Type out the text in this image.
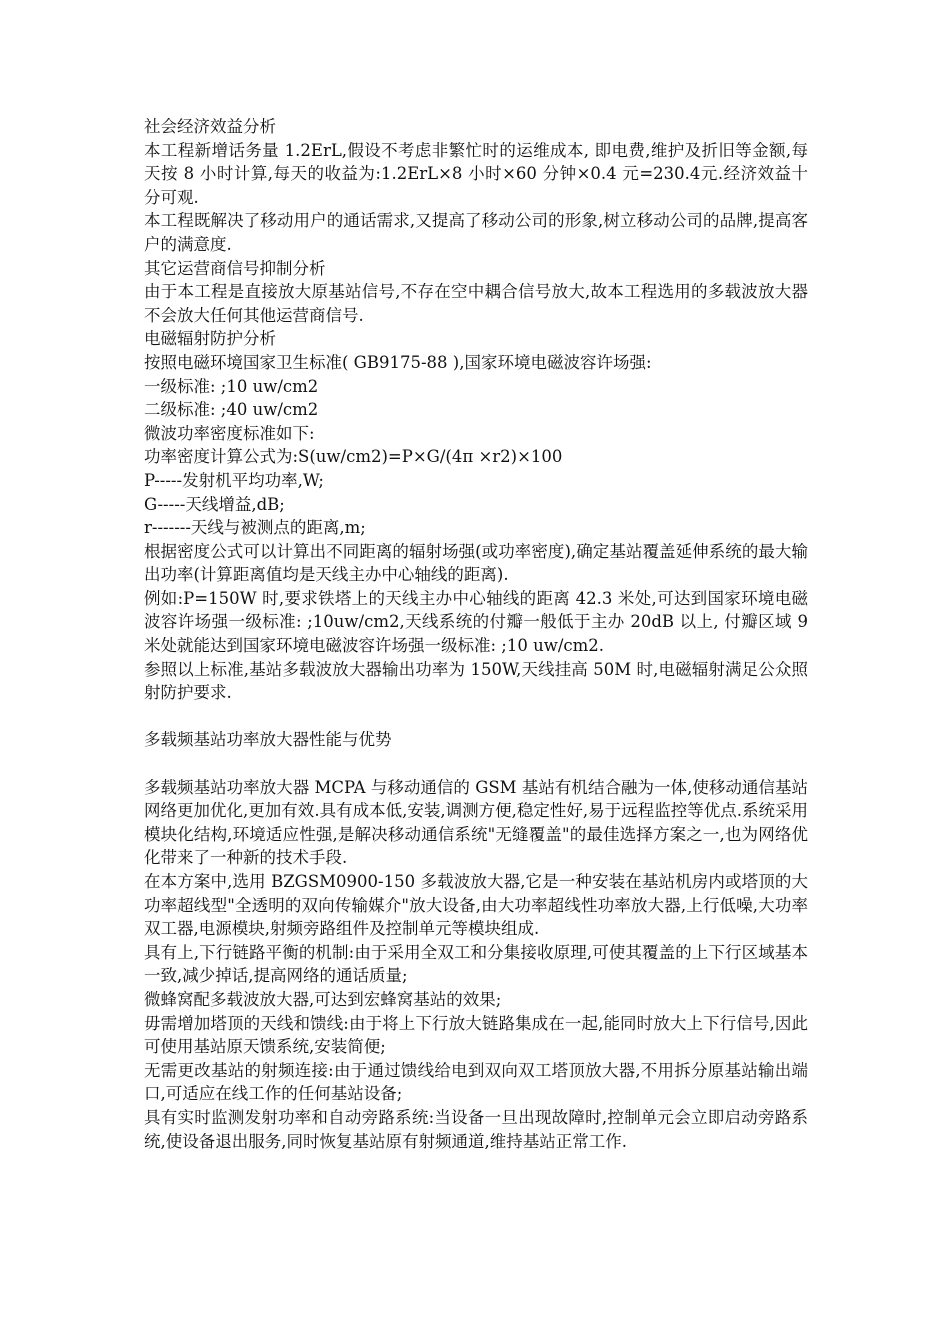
社会经济效益分析

本工程新增话务量 1.2ErL,假设不考虑非繁忙时的运维成本, 即电费,维护及折旧等金额,每天按 8 小时计算,每天的收益为:1.2ErL×8 小时×60 分钟×0.4 元=230.4元.经济效益十分可观.

本工程既解决了移动用户的通话需求,又提高了移动公司的形象,树立移动公司的品牌,提高客户的满意度.

其它运营商信号抑制分析

由于本工程是直接放大原基站信号,不存在空中耦合信号放大,故本工程选用的多载波放大器不会放大任何其他运营商信号.

电磁辐射防护分析

按照电磁环境国家卫生标准( GB9175-88 ),国家环境电磁波容许场强:

一级标准: ;10 uw/cm2

二级标准: ;40 uw/cm2

微波功率密度标准如下:

功率密度计算公式为:S(uw/cm2)=P×G/(4π ×r2)×100

P-----发射机平均功率,W;

G-----天线增益,dB;

r-------天线与被测点的距离,m;

根据密度公式可以计算出不同距离的辐射场强(或功率密度),确定基站覆盖延伸系统的最大输出功率(计算距离值均是天线主办中心轴线的距离).

例如:P=150W 时,要求铁塔上的天线主办中心轴线的距离 42.3 米处,可达到国家环境电磁波容许场强一级标准: ;10uw/cm2,天线系统的付瓣一般低于主办 20dB 以上, 付瓣区域 9 米处就能达到国家环境电磁波容许场强一级标准: ;10 uw/cm2.

参照以上标准,基站多载波放大器输出功率为 150W,天线挂高 50M 时,电磁辐射满足公众照射防护要求.

多载频基站功率放大器性能与优势

多载频基站功率放大器 MCPA 与移动通信的 GSM 基站有机结合融为一体,使移动通信基站网络更加优化,更加有效.具有成本低,安装,调测方便,稳定性好,易于远程监控等优点.系统采用模块化结构,环境适应性强,是解决移动通信系统"无缝覆盖"的最佳选择方案之一,也为网络优化带来了一种新的技术手段.

在本方案中,选用 BZGSM0900-150 多载波放大器,它是一种安装在基站机房内或塔顶的大功率超线型"全透明的双向传输媒介"放大设备,由大功率超线性功率放大器,上行低噪,大功率双工器,电源模块,射频旁路组件及控制单元等模块组成.

具有上,下行链路平衡的机制:由于采用全双工和分集接收原理,可使其覆盖的上下行区域基本一致,减少掉话,提高网络的通话质量;

微蜂窝配多载波放大器,可达到宏蜂窝基站的效果;

毋需增加塔顶的天线和馈线:由于将上下行放大链路集成在一起,能同时放大上下行信号,因此可使用基站原天馈系统,安装简便;

无需更改基站的射频连接:由于通过馈线给电到双向双工塔顶放大器,不用拆分原基站输出端口,可适应在线工作的任何基站设备;

具有实时监测发射功率和自动旁路系统:当设备一旦出现故障时,控制单元会立即启动旁路系统,使设备退出服务,同时恢复基站原有射频通道,维持基站正常工作.
